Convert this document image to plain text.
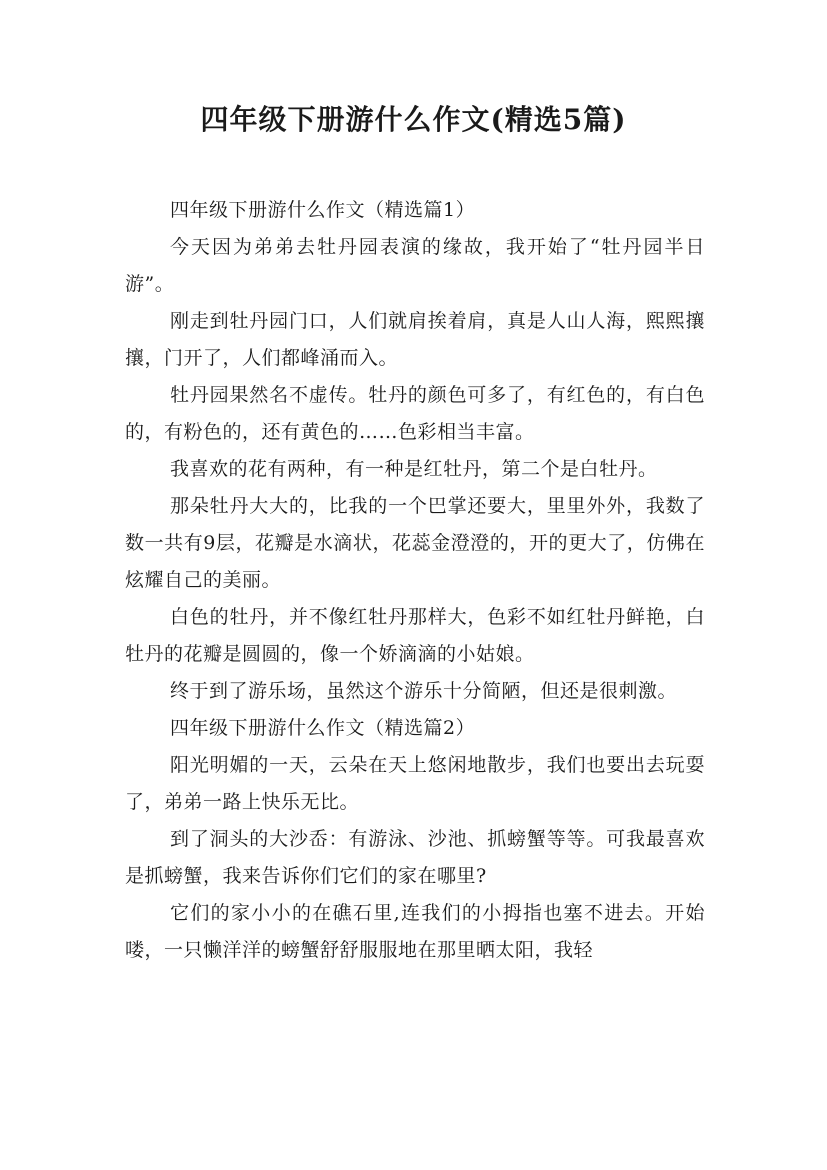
四年级下册游什么作文(精选5篇)

四年级下册游什么作文（精选篇1）

今天因为弟弟去牡丹园表演的缘故，我开始了“牡丹园半日游”。

刚走到牡丹园门口，人们就肩挨着肩，真是人山人海，熙熙攘攘，门开了，人们都峰涌而入。

牡丹园果然名不虚传。牡丹的颜色可多了，有红色的，有白色的，有粉色的，还有黄色的……色彩相当丰富。

我喜欢的花有两种，有一种是红牡丹，第二个是白牡丹。

那朵牡丹大大的，比我的一个巴掌还要大，里里外外，我数了数一共有9层，花瓣是水滴状，花蕊金澄澄的，开的更大了，仿佛在炫耀自己的美丽。

白色的牡丹，并不像红牡丹那样大，色彩不如红牡丹鲜艳，白牡丹的花瓣是圆圆的，像一个娇滴滴的小姑娘。

终于到了游乐场，虽然这个游乐十分简陋，但还是很刺激。

四年级下册游什么作文（精选篇2）

阳光明媚的一天，云朵在天上悠闲地散步，我们也要出去玩耍了，弟弟一路上快乐无比。

到了洞头的大沙岙：有游泳、沙池、抓螃蟹等等。可我最喜欢是抓螃蟹，我来告诉你们它们的家在哪里?

它们的家小小的在礁石里,连我们的小拇指也塞不进去。开始喽，一只懒洋洋的螃蟹舒舒服服地在那里晒太阳，我轻
